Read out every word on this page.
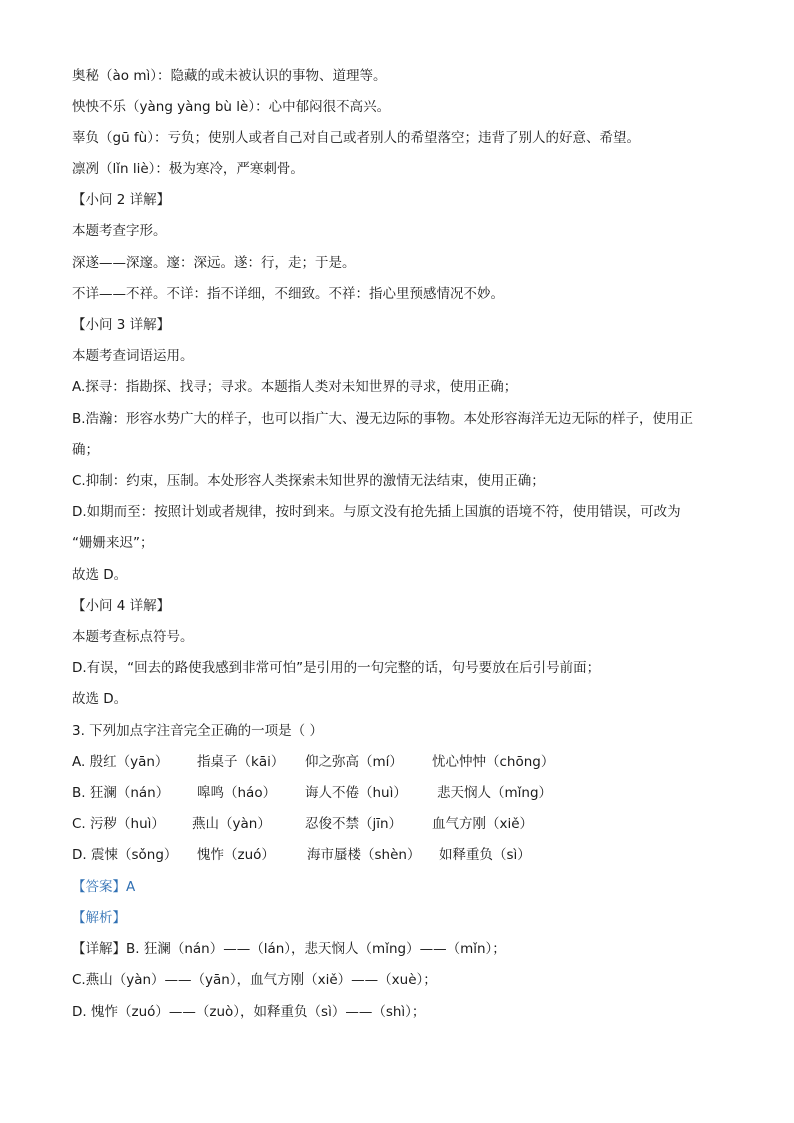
奥秘（ào mì）：隐藏的或未被认识的事物、道理等。
怏怏不乐（yàng yàng bù lè）：心中郁闷很不高兴。
辜负（gū fù）：亏负；使别人或者自己对自己或者别人的希望落空；违背了别人的好意、希望。
凛冽（lǐn liè）：极为寒冷，严寒刺骨。
【小问 2 详解】
本题考查字形。
深遂——深邃。邃：深远。遂：行，走；于是。
不详——不祥。不详：指不详细，不细致。不祥：指心里预感情况不妙。
【小问 3 详解】
本题考查词语运用。
A.探寻：指勘探、找寻；寻求。本题指人类对未知世界的寻求，使用正确；
B.浩瀚：形容水势广大的样子，也可以指广大、漫无边际的事物。本处形容海洋无边无际的样子，使用正
确；
C.抑制：约束，压制。本处形容人类探索未知世界的激情无法结束，使用正确；
D.如期而至：按照计划或者规律，按时到来。与原文没有抢先插上国旗的语境不符，使用错误，可改为
“姗姗来迟”；
故选 D。
【小问 4 详解】
本题考查标点符号。
D.有误，“回去的路使我感到非常可怕”是引用的一句完整的话，句号要放在后引号前面；
故选 D。
3. 下列加点字注音完全正确的一项是（ ）
A. 殷红（yān） 指桌子（kāi） 仰之弥高（mí） 忧心忡忡（chōng）
B. 狂澜（nán） 嗥鸣（háo） 诲人不倦（huì） 悲天悯人（mǐng）
C. 污秽（huì） 燕山（yàn）	忍俊不禁（jīn） 血气方刚（xiě）
D. 震悚（sǒng） 愧怍（zuó） 海市蜃楼（shèn） 如释重负（sì）
【答案】A
【解析】
【详解】B. 狂澜（nán）——（lán），悲天悯人（mǐng）——（mǐn）；
C.燕山（yàn）——（yān），血气方刚（xiě）——（xuè）；
D. 愧怍（zuó）——（zuò），如释重负（sì）——（shì）；
